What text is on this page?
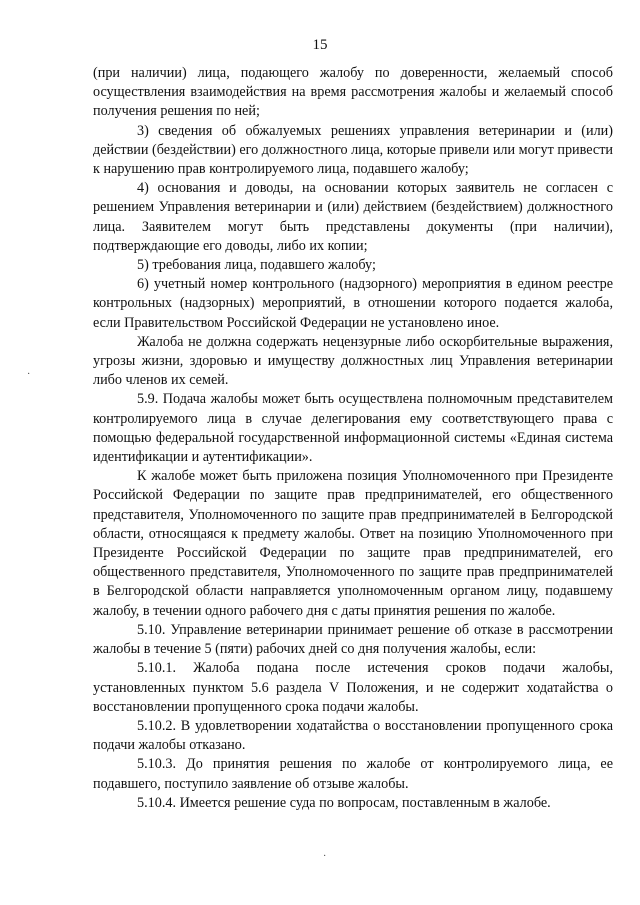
15

(при наличии) лица, подающего жалобу по доверенности, желаемый способ осуществления взаимодействия на время рассмотрения жалобы и желаемый способ получения решения по ней;

3) сведения об обжалуемых решениях управления ветеринарии и (или) действии (бездействии) его должностного лица, которые привели или могут привести к нарушению прав контролируемого лица, подавшего жалобу;

4) основания и доводы, на основании которых заявитель не согласен с решением Управления ветеринарии и (или) действием (бездействием) должностного лица. Заявителем могут быть представлены документы (при наличии), подтверждающие его доводы, либо их копии;

5) требования лица, подавшего жалобу;

6) учетный номер контрольного (надзорного) мероприятия в едином реестре контрольных (надзорных) мероприятий, в отношении которого подается жалоба, если Правительством Российской Федерации не установлено иное.

Жалоба не должна содержать нецензурные либо оскорбительные выражения, угрозы жизни, здоровью и имуществу должностных лиц Управления ветеринарии либо членов их семей.

5.9. Подача жалобы может быть осуществлена полномочным представителем контролируемого лица в случае делегирования ему соответствующего права с помощью федеральной государственной информационной системы «Единая система идентификации и аутентификации».

К жалобе может быть приложена позиция Уполномоченного при Президенте Российской Федерации по защите прав предпринимателей, его общественного представителя, Уполномоченного по защите прав предпринимателей в Белгородской области, относящаяся к предмету жалобы. Ответ на позицию Уполномоченного при Президенте Российской Федерации по защите прав предпринимателей, его общественного представителя, Уполномоченного по защите прав предпринимателей в Белгородской области направляется уполномоченным органом лицу, подавшему жалобу, в течении одного рабочего дня с даты принятия решения по жалобе.

5.10. Управление ветеринарии принимает решение об отказе в рассмотрении жалобы в течение 5 (пяти) рабочих дней со дня получения жалобы, если:

5.10.1. Жалоба подана после истечения сроков подачи жалобы, установленных пунктом 5.6 раздела V Положения, и не содержит ходатайства о восстановлении пропущенного срока подачи жалобы.

5.10.2. В удовлетворении ходатайства о восстановлении пропущенного срока подачи жалобы отказано.

5.10.3. До принятия решения по жалобе от контролируемого лица, ее подавшего, поступило заявление об отзыве жалобы.

5.10.4. Имеется решение суда по вопросам, поставленным в жалобе.

·
·
